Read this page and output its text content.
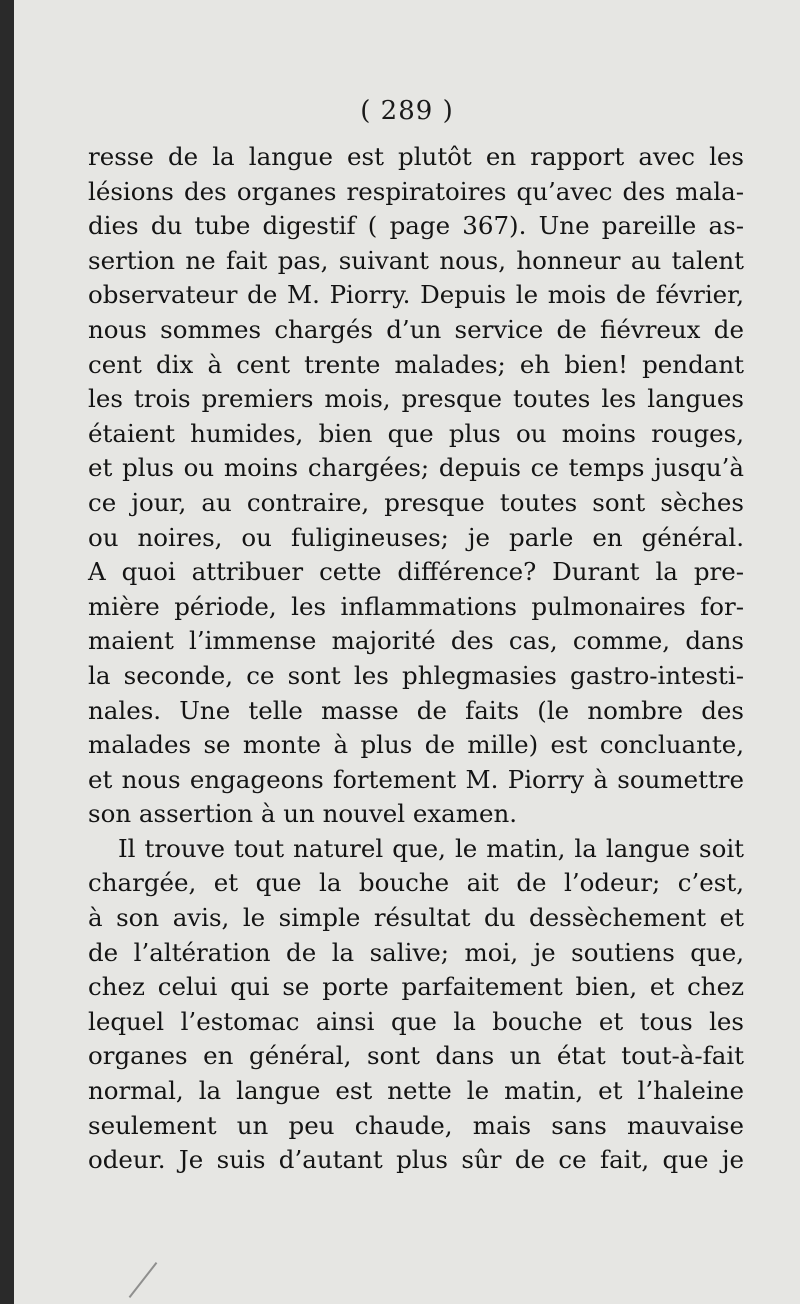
( 289 )
resse de la langue est plutôt en rapport avec les
lésions des organes respiratoires qu’avec des mala-
dies du tube digestif ( page 367). Une pareille as-
sertion ne fait pas, suivant nous, honneur au talent
observateur de M. Piorry. Depuis le mois de février,
nous sommes chargés d’un service de fiévreux de
cent dix à cent trente malades; eh bien! pendant
les trois premiers mois, presque toutes les langues
étaient humides, bien que plus ou moins rouges,
et plus ou moins chargées; depuis ce temps jusqu’à
ce jour, au contraire, presque toutes sont sèches
ou noires, ou fuligineuses; je parle en général.
A quoi attribuer cette différence? Durant la pre-
mière période, les inflammations pulmonaires for-
maient l’immense majorité des cas, comme, dans
la seconde, ce sont les phlegmasies gastro-intesti-
nales. Une telle masse de faits (le nombre des
malades se monte à plus de mille) est concluante,
et nous engageons fortement M. Piorry à soumettre
son assertion à un nouvel examen.
Il trouve tout naturel que, le matin, la langue soit
chargée, et que la bouche ait de l’odeur; c’est,
à son avis, le simple résultat du dessèchement et
de l’altération de la salive; moi, je soutiens que,
chez celui qui se porte parfaitement bien, et chez
lequel l’estomac ainsi que la bouche et tous les
organes en général, sont dans un état tout-à-fait
normal, la langue est nette le matin, et l’haleine
seulement un peu chaude, mais sans mauvaise
odeur. Je suis d’autant plus sûr de ce fait, que je
